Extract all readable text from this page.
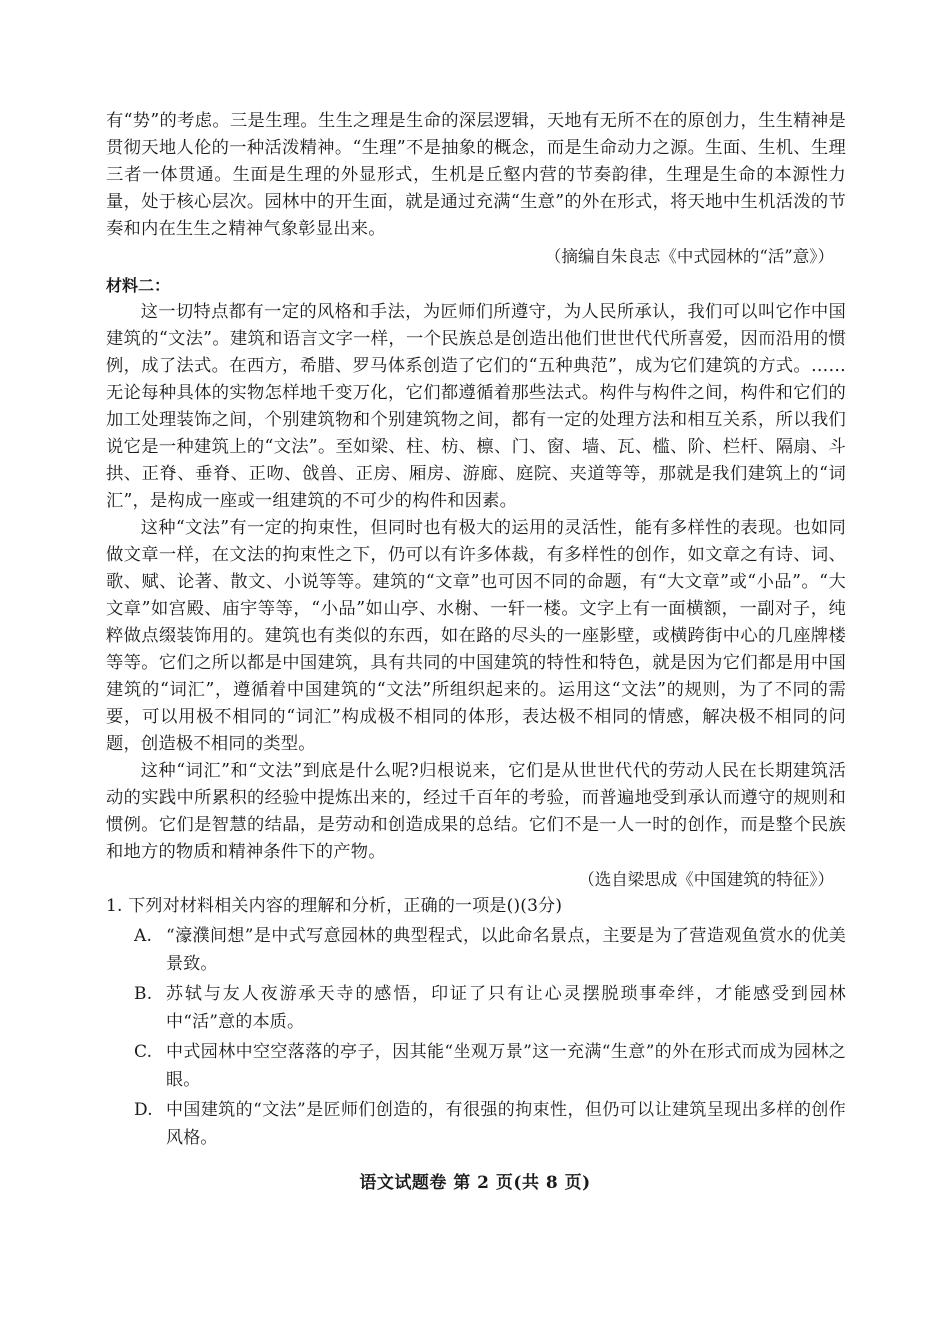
有“势”的考虑。三是生理。生生之理是生命的深层逻辑，天地有无所不在的原创力，生生精神是贯彻天地人伦的一种活泼精神。“生理”不是抽象的概念，而是生命动力之源。生面、生机、生理三者一体贯通。生面是生理的外显形式，生机是丘壑内营的节奏韵律，生理是生命的本源性力量，处于核心层次。园林中的开生面，就是通过充满“生意”的外在形式，将天地中生机活泼的节奏和内在生生之精神气象彰显出来。

（摘编自朱良志《中式园林的“活”意》）

材料二：

这一切特点都有一定的风格和手法，为匠师们所遵守，为人民所承认，我们可以叫它作中国建筑的“文法”。建筑和语言文字一样，一个民族总是创造出他们世世代代所喜爱，因而沿用的惯例，成了法式。在西方，希腊、罗马体系创造了它们的“五种典范”，成为它们建筑的方式。……无论每种具体的实物怎样地千变万化，它们都遵循着那些法式。构件与构件之间，构件和它们的加工处理装饰之间，个别建筑物和个别建筑物之间，都有一定的处理方法和相互关系，所以我们说它是一种建筑上的“文法”。至如梁、柱、枋、檩、门、窗、墙、瓦、槛、阶、栏杆、隔扇、斗拱、正脊、垂脊、正吻、戗兽、正房、厢房、游廊、庭院、夹道等等，那就是我们建筑上的“词汇”，是构成一座或一组建筑的不可少的构件和因素。

这种“文法”有一定的拘束性，但同时也有极大的运用的灵活性，能有多样性的表现。也如同做文章一样，在文法的拘束性之下，仍可以有许多体裁，有多样性的创作，如文章之有诗、词、歌、赋、论著、散文、小说等等。建筑的“文章”也可因不同的命题，有“大文章”或“小品”。“大文章”如宫殿、庙宇等等，“小品”如山亭、水榭、一轩一楼。文字上有一面横额，一副对子，纯粹做点缀装饰用的。建筑也有类似的东西，如在路的尽头的一座影壁，或横跨街中心的几座牌楼等等。它们之所以都是中国建筑，具有共同的中国建筑的特性和特色，就是因为它们都是用中国建筑的“词汇”，遵循着中国建筑的“文法”所组织起来的。运用这“文法”的规则，为了不同的需要，可以用极不相同的“词汇”构成极不相同的体形，表达极不相同的情感，解决极不相同的问题，创造极不相同的类型。

这种“词汇”和“文法”到底是什么呢?归根说来，它们是从世世代代的劳动人民在长期建筑活动的实践中所累积的经验中提炼出来的，经过千百年的考验，而普遍地受到承认而遵守的规则和惯例。它们是智慧的结晶，是劳动和创造成果的总结。它们不是一人一时的创作，而是整个民族和地方的物质和精神条件下的产物。

（选自梁思成《中国建筑的特征》）

1. 下列对材料相关内容的理解和分析，正确的一项是()(3分)

A. “濠濮间想”是中式写意园林的典型程式，以此命名景点，主要是为了营造观鱼赏水的优美景致。
B. 苏轼与友人夜游承天寺的感悟，印证了只有让心灵摆脱琐事牵绊，才能感受到园林中“活”意的本质。
C. 中式园林中空空落落的亭子，因其能“坐观万景”这一充满“生意”的外在形式而成为园林之眼。
D. 中国建筑的“文法”是匠师们创造的，有很强的拘束性，但仍可以让建筑呈现出多样的创作风格。
语文试题卷 第 2 页(共 8 页)
